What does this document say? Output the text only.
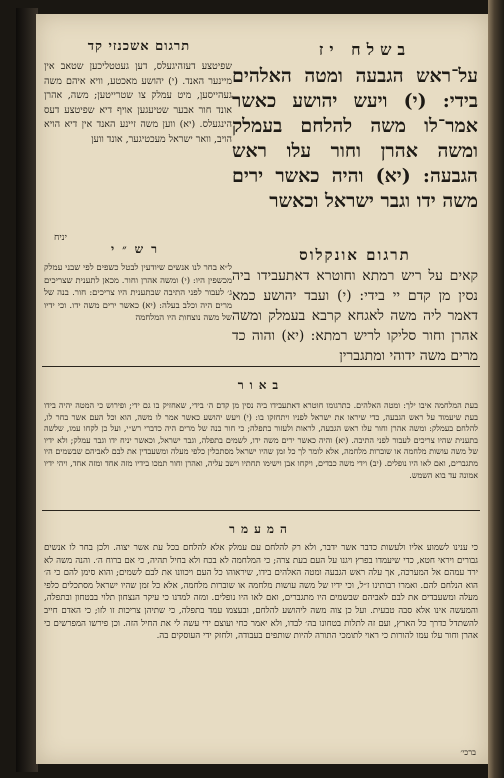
תרגום אשכנזי קד	בשלח יז

על־ראש הגבעה ומטה האלהים בידי: (י) ויעש יהושע כאשר אמר־לו משה להלחם בעמלק ומשה אהרן וחור עלו ראש הגבעה: (יא) והיה כאשר ירים משה ידו וגבר ישראל וכאשר

יניח

שפיטצע דעזהיגעלס, דען געטטליכען שטאב אין מיינער האנד. (י) יהושע מאכטע, וויא איהם משה געהייסען, מיט עמלק צו שטרייטען; משה, אהרן אונד חור אבער שטיעגען אויף דיא שפיטצע דעס הינגעלס. (יא) ווען משה זיינע האנד אין דיא הויא הויב, וואר ישראל מעכטיגער, אונד ווען

תרגום אונקלוס

קאים על ריש רמתא וחוטרא דאתעבידו ביה נסין מן קדם יי בידי: (י) ועבד יהושע כמא דאמר ליה משה לאגחא קרבא בעמלק ומשה אהרן וחור סליקו לריש רמתא: (יא) והוה כד מרים משה ידוהי ומתגברין

רש״י

ל״א בחר לנו אנשים שיודעין לבטל כשפים לפי שבני עמלק מכשפין היו: (י) ומשה אהרן וחור. מכאן לתענית שצריכים ג׳ לעבור לפני התיבה שבתענית היו צריכים: חור. בנה של מרים היה וכלב בעלה: (יא) כאשר ירים משה ידו. וכי ידיו של משה נוצחות היו המלחמה

באור

בעת המלחמה איבו ילך: ומטה האלהים. כתרגומו חוטרא דאתעבידו ביה נסין מן קדם ה׳ בידי, שאחזיק בו גם ידי; ופירוש כי המטה יהיה בידו בעת שיעמוד על ראש הגבעה, כדי שיראו את ישראל לפניו ויתחזקו בו: (י) ויעש יהושע כאשר אמר לו משה, הוא וכל העם אשר בחר לו, להלחם בעמלק: ומשה אהרן וחור עלו ראש הגבעה, לראות ולעזור בתפלה; כי חור בנה של מרים היה כדברי רש״י, ועל כן לקחו עמו, שלשה בתענית שהיו צריכים לעבור לפני התיבה. (יא) והיה כאשר ירים משה ידו, לשמים בתפלה, וגבר ישראל, וכאשר יניח ידו וגבר עמלק; ולא ידיו של משה עושות מלחמה או שוברות מלחמה, אלא לומר לך כל זמן שהיו ישראל מסתכלין כלפי מעלה ומשעבדין את לבם לאביהם שבשמים היו מתגברים, ואם לאו היו נופלים. (יב) וידי משה כבדים, ויקחו אבן וישימו תחתיו וישב עליה, ואהרן וחור תמכו בידיו מזה אחד ומזה אחד, ויהי ידיו אמונה עד בוא השמש.

המעמר

כי ענינו לשמוע אליו ולעשות כדבר אשר ידבר, ולא רק להלחם עם עמלק אלא להלחם בכל עת אשר יצוה. ולכן בחר לו אנשים גבורים ויראי חטא, כדי שיעמדו בפרץ ויגנו על העם בעת צרה; כי המלחמה לא בכח ולא בחיל תהיה, כי אם ברוח ה׳. והנה משה לא ירד עמהם אל המערכה, אך עלה ראש הגבעה ומטה האלהים בידו, שיראוהו כל העם ויכוונו את לבם לשמים; והוא סימן להם כי ה׳ הוא הנלחם להם. ואמרו רבותינו ז״ל, וכי ידיו של משה עושות מלחמה או שוברות מלחמה, אלא כל זמן שהיו ישראל מסתכלים כלפי מעלה ומשעבדים את לבם לאביהם שבשמים היו מתגברים, ואם לאו היו נופלים. ומזה למדנו כי עיקר הנצחון תלוי בבטחון ובתפלה, והמעשה אינו אלא סבה טבעית. ועל כן צוה משה ליהושע להלחם, ובעצמו עמד בתפלה, כי שתיהן צריכות זו לזו; כי האדם חייב להשתדל כדרך כל הארץ, ועם זה לתלות בטחונו בה׳ לבדו, ולא יאמר כחי ועוצם ידי עשה לי את החיל הזה. וכן פירשו המפרשים כי אהרן וחור עלו עמו להורות כי ראוי לתומכי התורה להיות שותפים בעבודה, ולחזק ידי העוסקים בה.

ברכי׳
